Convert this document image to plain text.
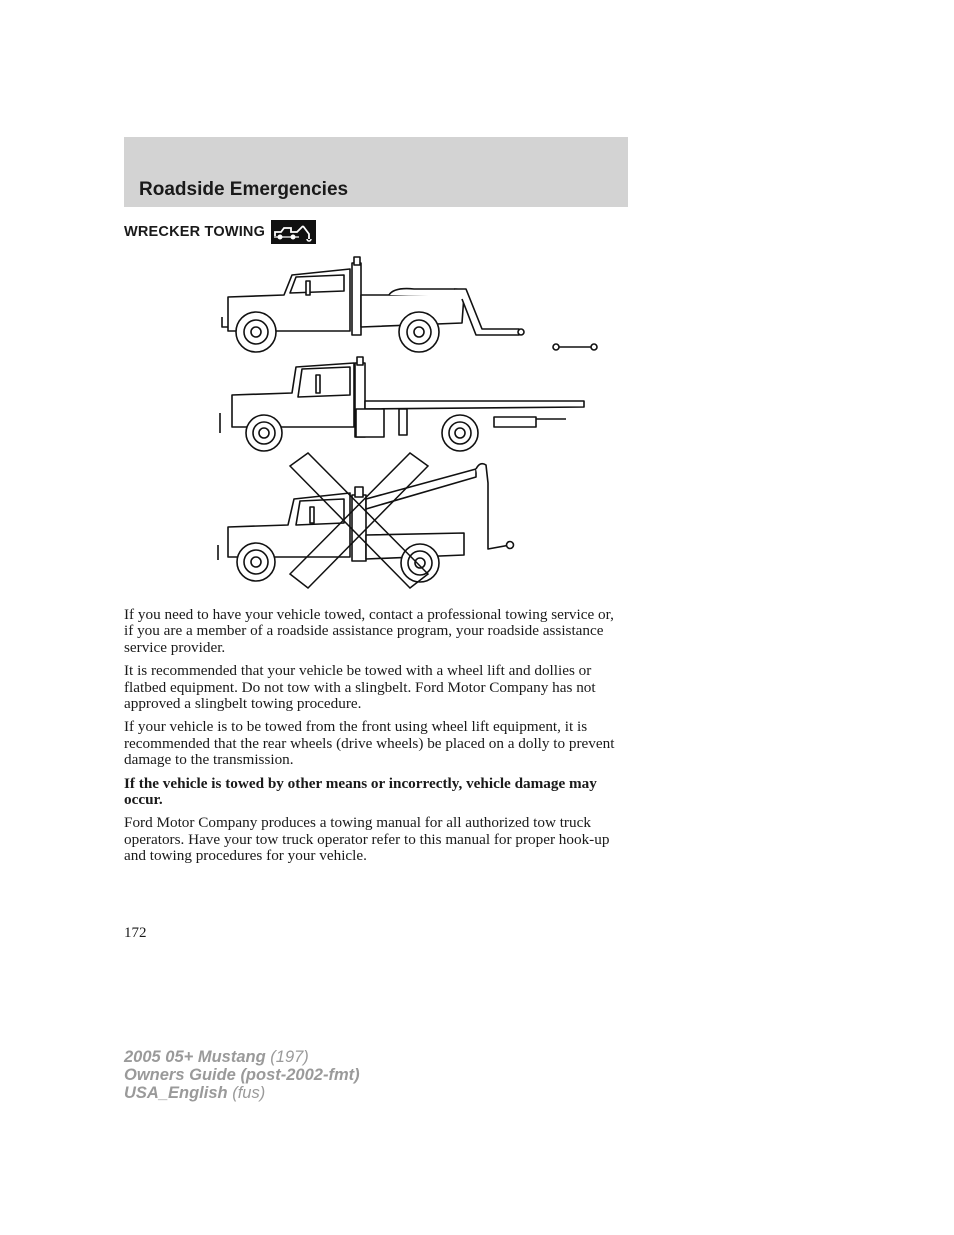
Roadside Emergencies
WRECKER TOWING

If you need to have your vehicle towed, contact a professional towing service or, if you are a member of a roadside assistance program, your roadside assistance service provider.

It is recommended that your vehicle be towed with a wheel lift and dollies or flatbed equipment. Do not tow with a slingbelt. Ford Motor Company has not approved a slingbelt towing procedure.

If your vehicle is to be towed from the front using wheel lift equipment, it is recommended that the rear wheels (drive wheels) be placed on a dolly to prevent damage to the transmission.

If the vehicle is towed by other means or incorrectly, vehicle damage may occur.

Ford Motor Company produces a towing manual for all authorized tow truck operators. Have your tow truck operator refer to this manual for proper hook-up and towing procedures for your vehicle.

172
2005 05+ Mustang (197)
Owners Guide (post-2002-fmt)
USA_English (fus)
